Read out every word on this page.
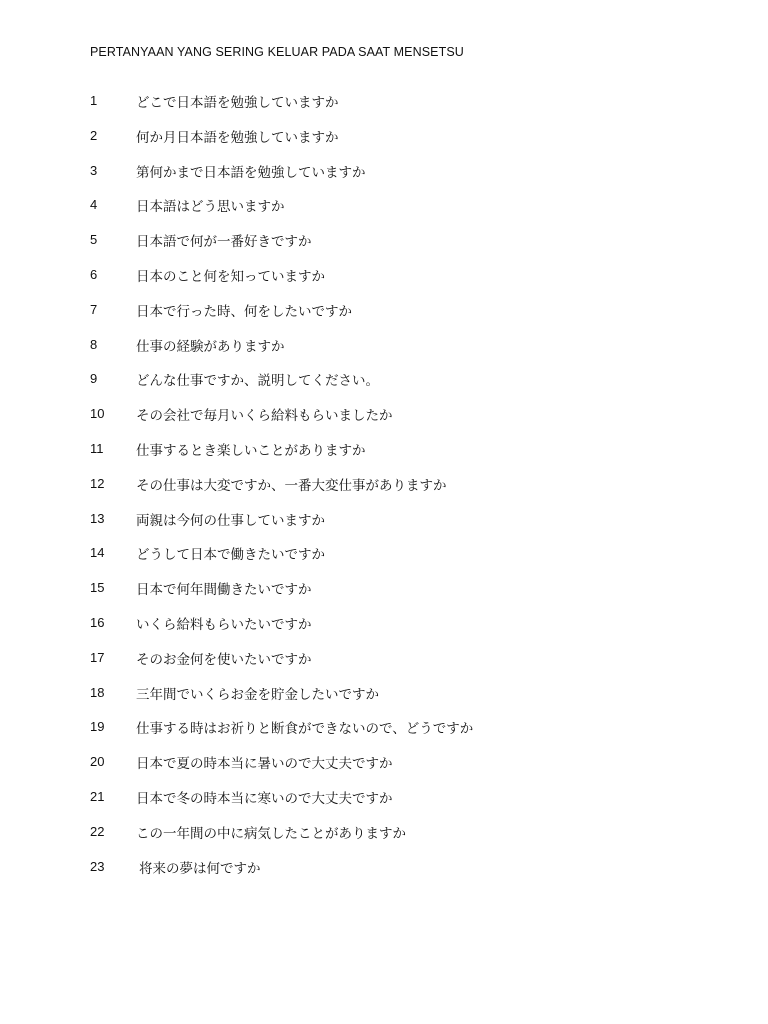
PERTANYAAN YANG SERING KELUAR PADA SAAT MENSETSU
1	どこで日本語を勉強していますか
2	何か月日本語を勉強していますか
3	第何かまで日本語を勉強していますか
4	日本語はどう思いますか
5	日本語で何が一番好きですか
6	日本のこと何を知っていますか
7	日本で行った時、何をしたいですか
8	仕事の経験がありますか
9	どんな仕事ですか、説明してください。
10 その会社で毎月いくら給料もらいましたか
11 仕事するとき楽しいことがありますか
12 その仕事は大変ですか、一番大変仕事がありますか
13 両親は今何の仕事していますか
14 どうして日本で働きたいですか
15 日本で何年間働きたいですか
16 いくら給料もらいたいですか
17 そのお金何を使いたいですか
18 三年間でいくらお金を貯金したいですか
19 仕事する時はお祈りと断食ができないので、どうですか
20 日本で夏の時本当に暑いので大丈夫ですか
21 日本で冬の時本当に寒いので大丈夫ですか
22 この一年間の中に病気したことがありますか
23	将来の夢は何ですか
